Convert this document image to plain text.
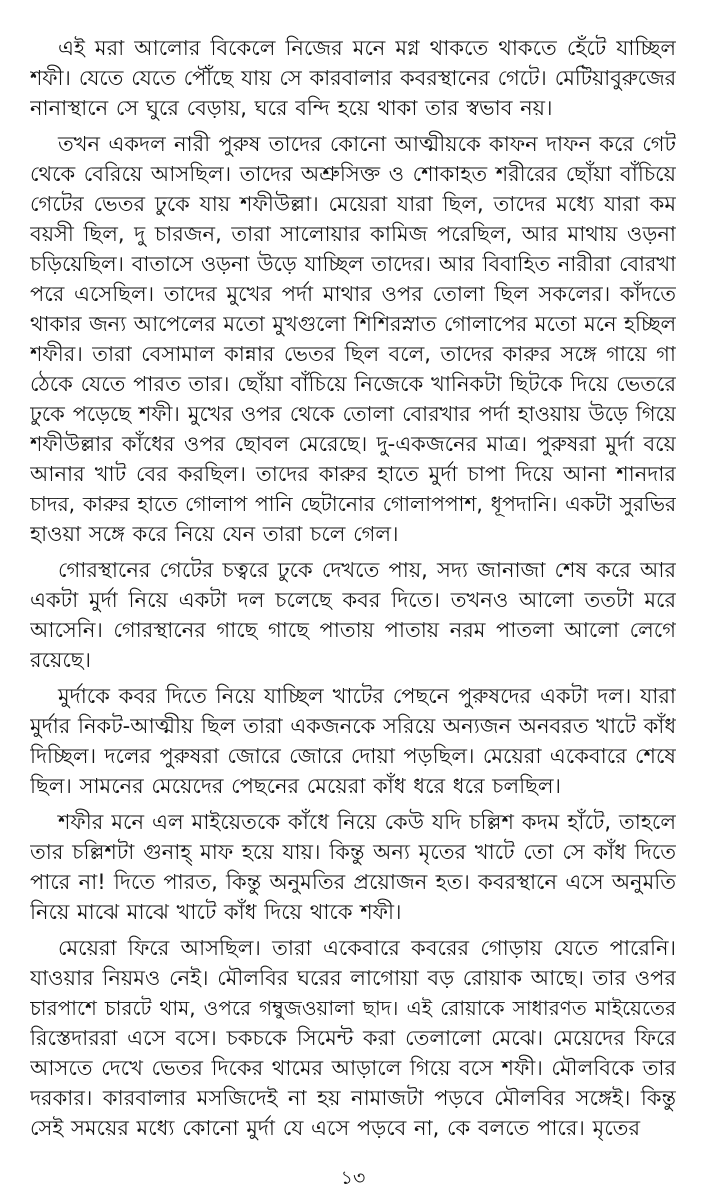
এই মরা আলোর বিকেলে নিজের মনে মগ্ন থাকতে থাকতে হেঁটে যাচ্ছিল
শফী। যেতে যেতে পৌঁছে যায় সে কারবালার কবরস্থানের গেটে। মেটিয়াবুরুজের
নানাস্থানে সে ঘুরে বেড়ায়, ঘরে বন্দি হয়ে থাকা তার স্বভাব নয়।
তখন একদল নারী পুরুষ তাদের কোনো আত্মীয়কে কাফন দাফন করে গেট
থেকে বেরিয়ে আসছিল। তাদের অশ্রুসিক্ত ও শোকাহত শরীরের ছোঁয়া বাঁচিয়ে
গেটের ভেতর ঢুকে যায় শফীউল্লা। মেয়েরা যারা ছিল, তাদের মধ্যে যারা কম
বয়সী ছিল, দু চারজন, তারা সালোয়ার কামিজ পরেছিল, আর মাথায় ওড়না
চড়িয়েছিল। বাতাসে ওড়না উড়ে যাচ্ছিল তাদের। আর বিবাহিত নারীরা বোরখা
পরে এসেছিল। তাদের মুখের পর্দা মাথার ওপর তোলা ছিল সকলের। কাঁদতে
থাকার জন্য আপেলের মতো মুখগুলো শিশিরস্নাত গোলাপের মতো মনে হচ্ছিল
শফীর। তারা বেসামাল কান্নার ভেতর ছিল বলে, তাদের কারুর সঙ্গে গায়ে গা
ঠেকে যেতে পারত তার। ছোঁয়া বাঁচিয়ে নিজেকে খানিকটা ছিটকে দিয়ে ভেতরে
ঢুকে পড়েছে শফী। মুখের ওপর থেকে তোলা বোরখার পর্দা হাওয়ায় উড়ে গিয়ে
শফীউল্লার কাঁধের ওপর ছোবল মেরেছে। দু-একজনের মাত্র। পুরুষরা মুর্দা বয়ে
আনার খাট বের করছিল। তাদের কারুর হাতে মুর্দা চাপা দিয়ে আনা শানদার
চাদর, কারুর হাতে গোলাপ পানি ছেটানোর গোলাপপাশ, ধূপদানি। একটা সুরভির
হাওয়া সঙ্গে করে নিয়ে যেন তারা চলে গেল।
গোরস্থানের গেটের চত্বরে ঢুকে দেখতে পায়, সদ্য জানাজা শেষ করে আর
একটা মুর্দা নিয়ে একটা দল চলেছে কবর দিতে। তখনও আলো ততটা মরে
আসেনি। গোরস্থানের গাছে গাছে পাতায় পাতায় নরম পাতলা আলো লেগে
রয়েছে।
মুর্দাকে কবর দিতে নিয়ে যাচ্ছিল খাটের পেছনে পুরুষদের একটা দল। যারা
মুর্দার নিকট-আত্মীয় ছিল তারা একজনকে সরিয়ে অন্যজন অনবরত খাটে কাঁধ
দিচ্ছিল। দলের পুরুষরা জোরে জোরে দোয়া পড়ছিল। মেয়েরা একেবারে শেষে
ছিল। সামনের মেয়েদের পেছনের মেয়েরা কাঁধ ধরে ধরে চলছিল।
শফীর মনে এল মাইয়েতকে কাঁধে নিয়ে কেউ যদি চল্লিশ কদম হাঁটে, তাহলে
তার চল্লিশটা গুনাহ্ মাফ হয়ে যায়। কিন্তু অন্য মৃতের খাটে তো সে কাঁধ দিতে
পারে না! দিতে পারত, কিন্তু অনুমতির প্রয়োজন হত। কবরস্থানে এসে অনুমতি
নিয়ে মাঝে মাঝে খাটে কাঁধ দিয়ে থাকে শফী।
মেয়েরা ফিরে আসছিল। তারা একেবারে কবরের গোড়ায় যেতে পারেনি।
যাওয়ার নিয়মও নেই। মৌলবির ঘরের লাগোয়া বড় রোয়াক আছে। তার ওপর
চারপাশে চারটে থাম, ওপরে গম্বুজওয়ালা ছাদ। এই রোয়াকে সাধারণত মাইয়েতের
রিস্তেদাররা এসে বসে। চকচকে সিমেন্ট করা তেলালো মেঝে। মেয়েদের ফিরে
আসতে দেখে ভেতর দিকের থামের আড়ালে গিয়ে বসে শফী। মৌলবিকে তার
দরকার। কারবালার মসজিদেই না হয় নামাজটা পড়বে মৌলবির সঙ্গেই। কিন্তু
সেই সময়ের মধ্যে কোনো মুর্দা যে এসে পড়বে না, কে বলতে পারে। মৃতের
১৩
